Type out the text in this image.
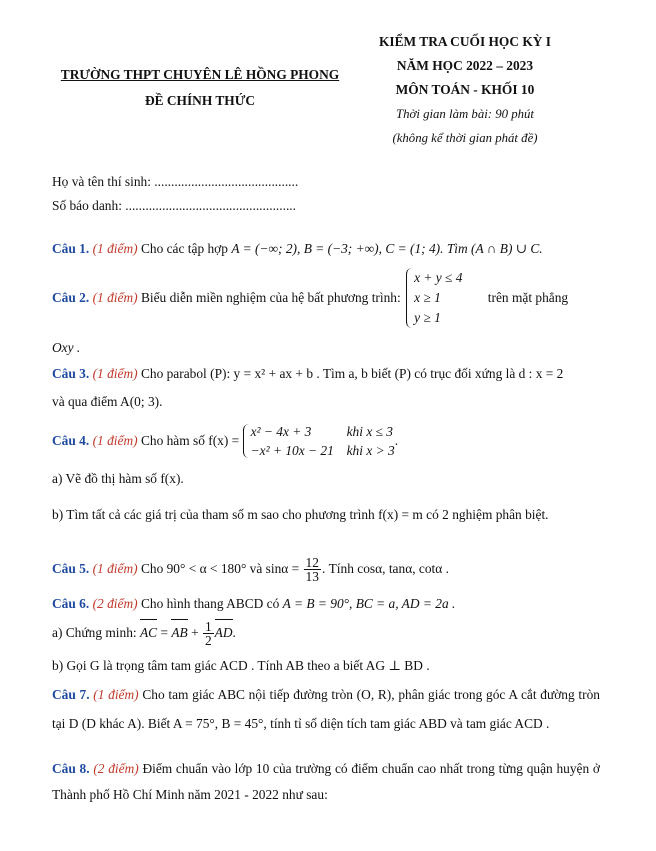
TRƯỜNG THPT CHUYÊN LÊ HỒNG PHONG
ĐỀ CHÍNH THỨC
KIỂM TRA CUỐI HỌC KỲ I
NĂM HỌC 2022 – 2023
MÔN TOÁN - KHỐI 10
Thời gian làm bài: 90 phút
(không kể thời gian phát đề)
Họ và tên thí sinh: ...........................................
Số báo danh: ...................................................
Câu 1. (1 điểm) Cho các tập hợp A = (−∞; 2), B = (−3; +∞), C = (1; 4). Tìm (A ∩ B) ∪ C.
Câu 2. (1 điểm) Biểu diễn miền nghiệm của hệ bất phương trình:
x + y ≤ 4
x ≥ 1
y ≥ 1
trên mặt phẳng
Oxy .
Câu 3. (1 điểm) Cho parabol (P): y = x² + ax + b . Tìm a, b biết (P) có trục đối xứng là d : x = 2
và qua điểm A(0; 3).
Câu 4. (1 điểm) Cho hàm số f(x) =
x² − 4x + 3	khi x ≤ 3
−x² + 10x − 21 khi x > 3
.
a) Vẽ đồ thị hàm số f(x).
b) Tìm tất cả các giá trị của tham số m sao cho phương trình f(x) = m có 2 nghiệm phân biệt.
Câu 5. (1 điểm) Cho 90° < α < 180° và $\sin\alpha = \frac{12}{13}$ . Tính cosα, tanα, cotα .
Câu 6. (2 điểm) Cho hình thang ABCD có A = B = 90°, BC = a, AD = 2a .
a) Chứng minh: AC = AB + $\frac{1}{2}$ AD.
b) Gọi G là trọng tâm tam giác ACD . Tính AB theo a biết AG ⊥ BD .
Câu 7. (1 điểm) Cho tam giác ABC nội tiếp đường tròn (O, R), phân giác trong góc A cắt đường tròn tại D (D khác A). Biết A = 75°, B = 45°, tính tỉ số diện tích tam giác ABD và tam giác ACD .
Câu 8. (2 điểm) Điểm chuẩn vào lớp 10 của trường có điểm chuẩn cao nhất trong từng quận huyện ở Thành phố Hồ Chí Minh năm 2021 - 2022 như sau:
